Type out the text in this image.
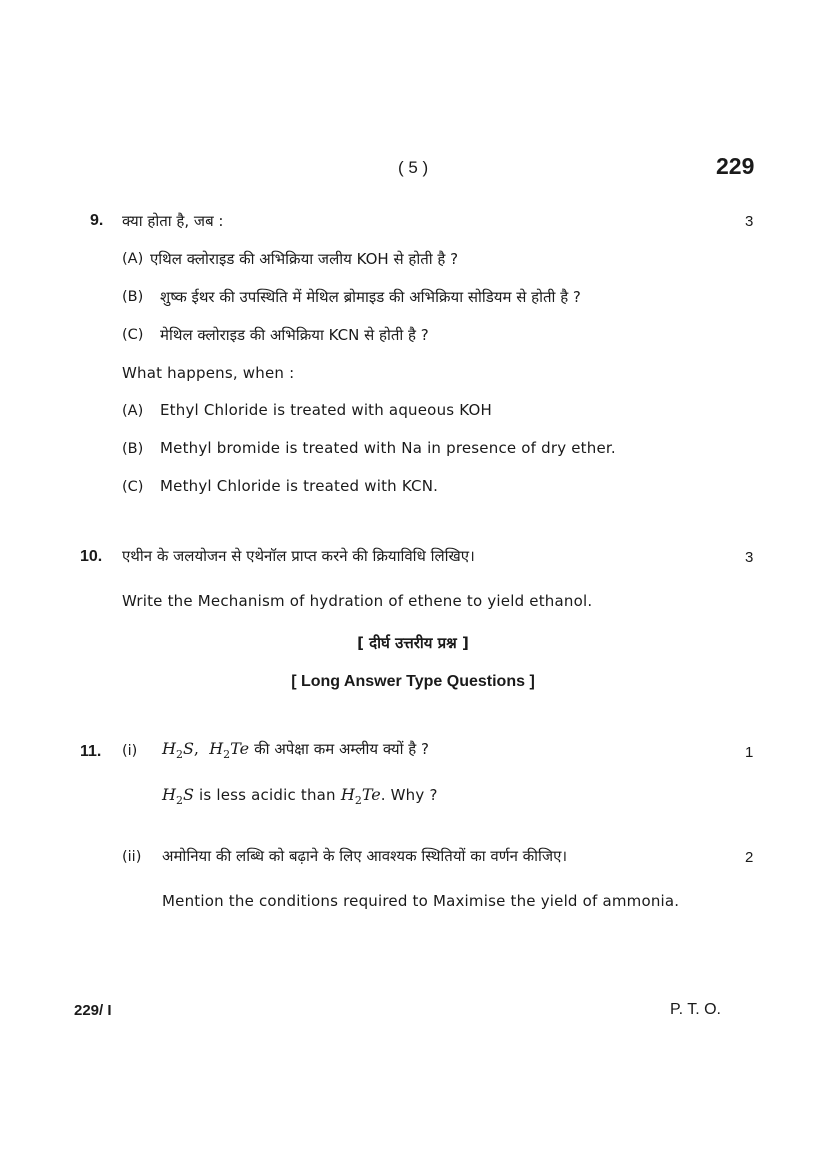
( 5 )	229
9. क्या होता है, जब :	3
(A) एथिल क्लोराइड की अभिक्रिया जलीय KOH से होती है ?
(B) शुष्क ईथर की उपस्थिति में मेथिल ब्रोमाइड की अभिक्रिया सोडियम से होती है ?
(C) मेथिल क्लोराइड की अभिक्रिया KCN से होती है ?
What happens, when :
(A) Ethyl Chloride is treated with aqueous KOH
(B) Methyl bromide is treated with Na in presence of dry ether.
(C) Methyl Chloride is treated with KCN.
10. एथीन के जलयोजन से एथेनॉल प्राप्त करने की क्रियाविधि लिखिए।	3
Write the Mechanism of hydration of ethene to yield ethanol.
[ दीर्घ उत्तरीय प्रश्न ]
[ Long Answer Type Questions ]
11. (i) $H_2S$,  $H_2Te$ की अपेक्षा कम अम्लीय क्यों है ?	1
$H_2S$ is less acidic than $H_2Te$. Why ?
(ii) अमोनिया की लब्धि को बढ़ाने के लिए आवश्यक स्थितियों का वर्णन कीजिए।	2
Mention the conditions required to Maximise the yield of ammonia.
229/ I	P. T. O.
